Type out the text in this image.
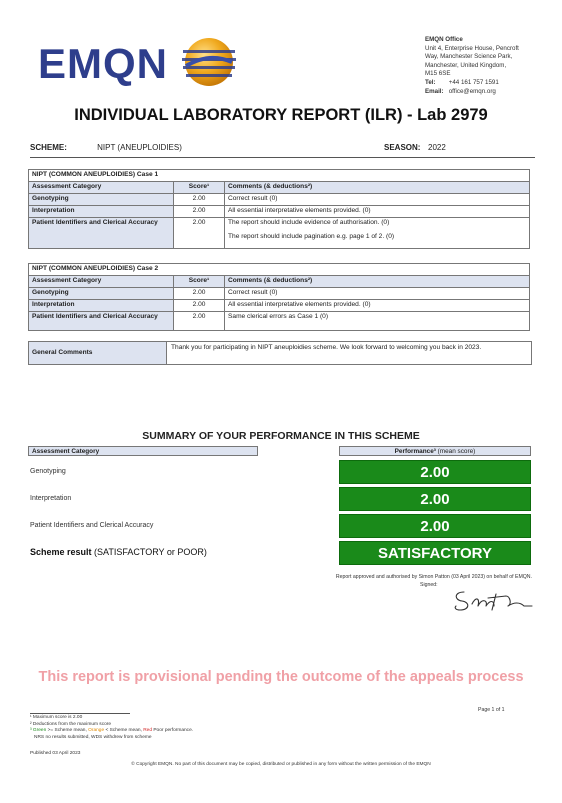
EMQN
EMQN Office
Unit 4, Enterprise House, Pencroft
Way, Manchester Science Park,
Manchester, United Kingdom,
M15 6SE
Tel: +44 161 757 1591
Email: office@emqn.org
INDIVIDUAL LABORATORY REPORT (ILR) - Lab 2979
SCHEME:	NIPT (ANEUPLOIDIES)	SEASON: 2022
NIPT (COMMON ANEUPLOIDIES) Case 1		
Assessment Category	Score¹	Comments (& deductions²)
Genotyping	2.00	Correct result (0)
Interpretation	2.00	All essential interpretative elements provided. (0)
Patient Identifiers and Clerical Accuracy	2.00	The report should include evidence of authorisation. (0)
The report should include pagination e.g. page 1 of 2. (0)
NIPT (COMMON ANEUPLOIDIES) Case 2		
Assessment Category	Score¹	Comments (& deductions²)
Genotyping	2.00	Correct result (0)
Interpretation	2.00	All essential interpretative elements provided. (0)
Patient Identifiers and Clerical Accuracy	2.00	Same clerical errors as Case 1 (0)
General Comments
Thank you for participating in NIPT aneuploidies scheme. We look forward to welcoming you back in 2023.
SUMMARY OF YOUR PERFORMANCE IN THIS SCHEME
Assessment Category	Performance³ (mean score)
Genotyping	2.00
Interpretation	2.00
Patient Identifiers and Clerical Accuracy	2.00
Scheme result (SATISFACTORY or POOR)	SATISFACTORY
Report approved and authorised by Simon Patton (03 April 2023) on behalf of EMQN.
Signed:
This report is provisional pending the outcome of the appeals process
¹ Maximum score is 2.00
² Deductions from the maximum score
³ Green >= Scheme mean, Orange < Scheme mean, Red Poor performance.
NRS no results submitted, WDS withdrew from scheme
Page 1 of 1
Published 03 April 2023
© Copyright EMQN. No part of this document may be copied, distributed or published in any form without the written permission of the EMQN
